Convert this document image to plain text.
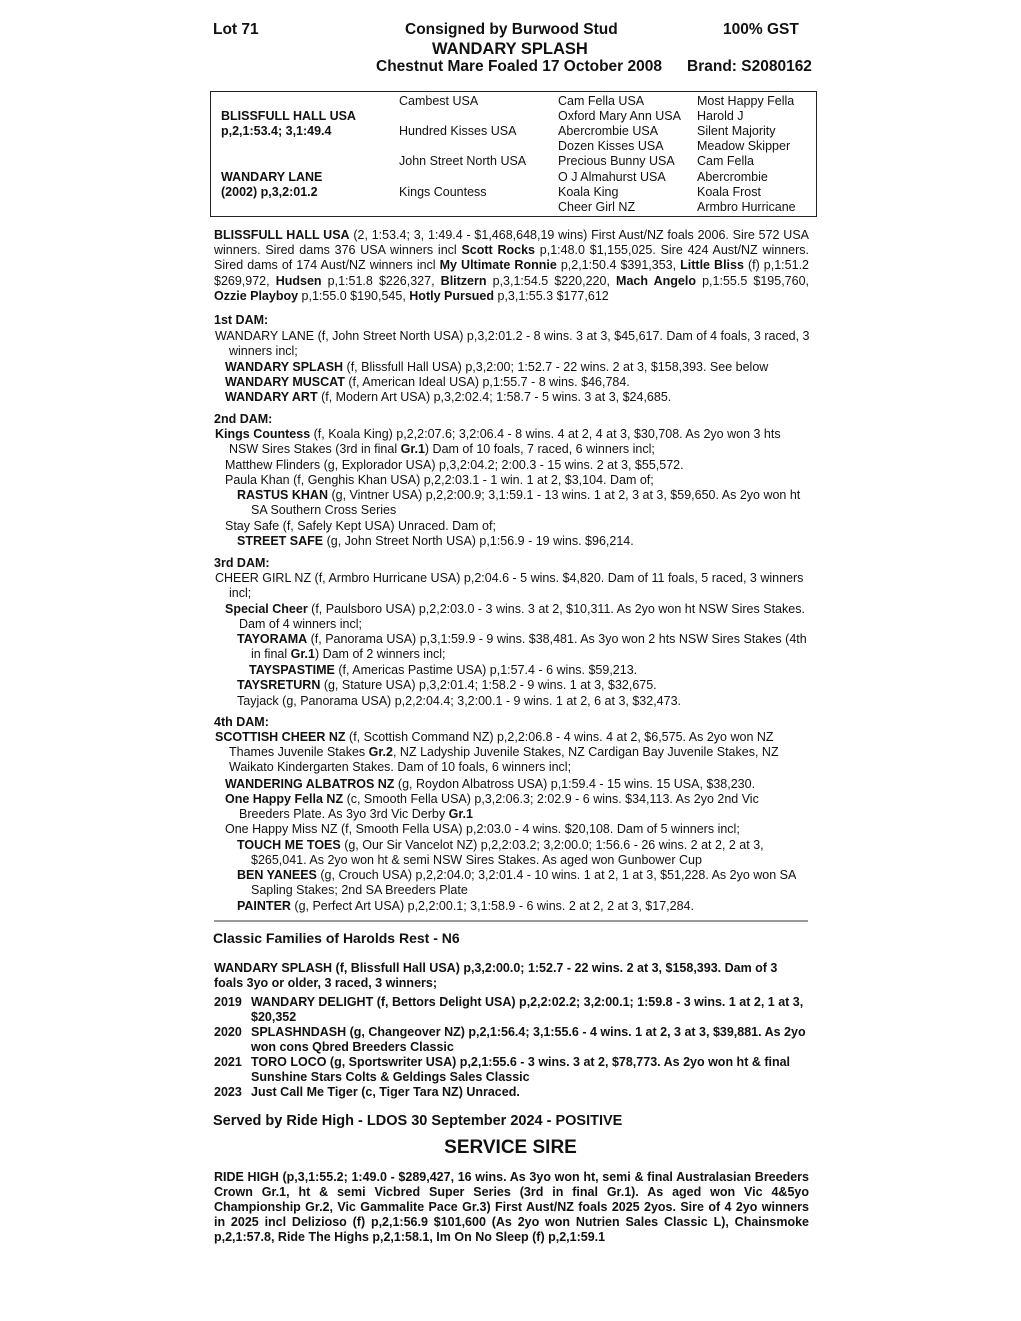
Lot 71	Consigned by Burwood Stud	100% GST
WANDARY SPLASH
Chestnut Mare Foaled 17 October 2008 Brand: S2080162
BLISSFULL HALL USA
p,2,1:53.4; 3,1:49.4
WANDARY LANE
(2002) p,3,2:01.2
Cambest USA
Hundred Kisses USA
John Street North USA
Kings Countess
Cam Fella USA
Oxford Mary Ann USA
Abercrombie USA
Dozen Kisses USA
Precious Bunny USA
O J Almahurst USA
Koala King
Cheer Girl NZ
Most Happy Fella
Harold J
Silent Majority
Meadow Skipper
Cam Fella
Abercrombie
Koala Frost
Armbro Hurricane
BLISSFULL HALL USA (2, 1:53.4; 3, 1:49.4 - $1,468,648,19 wins) First Aust/NZ foals 2006. Sire 572 USA winners. Sired dams 376 USA winners incl Scott Rocks p,1:48.0 $1,155,025. Sire 424 Aust/NZ winners. Sired dams of 174 Aust/NZ winners incl My Ultimate Ronnie p,2,1:50.4 $391,353, Little Bliss (f) p,1:51.2 $269,972, Hudsen p,1:51.8 $226,327, Blitzern p,3,1:54.5 $220,220, Mach Angelo p,1:55.5 $195,760, Ozzie Playboy p,1:55.0 $190,545, Hotly Pursued p,3,1:55.3 $177,612
1st DAM:
WANDARY LANE (f, John Street North USA) p,3,2:01.2 - 8 wins. 3 at 3, $45,617. Dam of 4 foals, 3 raced, 3 winners incl;
WANDARY SPLASH (f, Blissfull Hall USA) p,3,2:00; 1:52.7 - 22 wins. 2 at 3, $158,393. See below
WANDARY MUSCAT (f, American Ideal USA) p,1:55.7 - 8 wins. $46,784.
WANDARY ART (f, Modern Art USA) p,3,2:02.4; 1:58.7 - 5 wins. 3 at 3, $24,685.
2nd DAM:
Kings Countess (f, Koala King) p,2,2:07.6; 3,2:06.4 - 8 wins. 4 at 2, 4 at 3, $30,708. As 2yo won 3 hts NSW Sires Stakes (3rd in final Gr.1) Dam of 10 foals, 7 raced, 6 winners incl;
Matthew Flinders (g, Explorador USA) p,3,2:04.2; 2:00.3 - 15 wins. 2 at 3, $55,572.
Paula Khan (f, Genghis Khan USA) p,2,2:03.1 - 1 win. 1 at 2, $3,104. Dam of;
RASTUS KHAN (g, Vintner USA) p,2,2:00.9; 3,1:59.1 - 13 wins. 1 at 2, 3 at 3, $59,650. As 2yo won ht SA Southern Cross Series
Stay Safe (f, Safely Kept USA) Unraced. Dam of;
STREET SAFE (g, John Street North USA) p,1:56.9 - 19 wins. $96,214.
3rd DAM:
CHEER GIRL NZ (f, Armbro Hurricane USA) p,2:04.6 - 5 wins. $4,820. Dam of 11 foals, 5 raced, 3 winners incl;
Special Cheer (f, Paulsboro USA) p,2,2:03.0 - 3 wins. 3 at 2, $10,311. As 2yo won ht NSW Sires Stakes. Dam of 4 winners incl;
TAYORAMA (f, Panorama USA) p,3,1:59.9 - 9 wins. $38,481. As 3yo won 2 hts NSW Sires Stakes (4th in final Gr.1) Dam of 2 winners incl;
TAYSPASTIME (f, Americas Pastime USA) p,1:57.4 - 6 wins. $59,213.
TAYSRETURN (g, Stature USA) p,3,2:01.4; 1:58.2 - 9 wins. 1 at 3, $32,675.
Tayjack (g, Panorama USA) p,2,2:04.4; 3,2:00.1 - 9 wins. 1 at 2, 6 at 3, $32,473.
4th DAM:
SCOTTISH CHEER NZ (f, Scottish Command NZ) p,2,2:06.8 - 4 wins. 4 at 2, $6,575. As 2yo won NZ Thames Juvenile Stakes Gr.2, NZ Ladyship Juvenile Stakes, NZ Cardigan Bay Juvenile Stakes, NZ Waikato Kindergarten Stakes. Dam of 10 foals, 6 winners incl;
WANDERING ALBATROS NZ (g, Roydon Albatross USA) p,1:59.4 - 15 wins. 15 USA, $38,230.
One Happy Fella NZ (c, Smooth Fella USA) p,3,2:06.3; 2:02.9 - 6 wins. $34,113. As 2yo 2nd Vic Breeders Plate. As 3yo 3rd Vic Derby Gr.1
One Happy Miss NZ (f, Smooth Fella USA) p,2:03.0 - 4 wins. $20,108. Dam of 5 winners incl;
TOUCH ME TOES (g, Our Sir Vancelot NZ) p,2,2:03.2; 3,2:00.0; 1:56.6 - 26 wins. 2 at 2, 2 at 3, $265,041. As 2yo won ht & semi NSW Sires Stakes. As aged won Gunbower Cup
BEN YANEES (g, Crouch USA) p,2,2:04.0; 3,2:01.4 - 10 wins. 1 at 2, 1 at 3, $51,228. As 2yo won SA Sapling Stakes; 2nd SA Breeders Plate
PAINTER (g, Perfect Art USA) p,2,2:00.1; 3,1:58.9 - 6 wins. 2 at 2, 2 at 3, $17,284.
Classic Families of Harolds Rest - N6
WANDARY SPLASH (f, Blissfull Hall USA) p,3,2:00.0; 1:52.7 - 22 wins. 2 at 3, $158,393. Dam of 3 foals 3yo or older, 3 raced, 3 winners;
2019 WANDARY DELIGHT (f, Bettors Delight USA) p,2,2:02.2; 3,2:00.1; 1:59.8 - 3 wins. 1 at 2, 1 at 3, $20,352
2020 SPLASHNDASH (g, Changeover NZ) p,2,1:56.4; 3,1:55.6 - 4 wins. 1 at 2, 3 at 3, $39,881. As 2yo won cons Qbred Breeders Classic
2021 TORO LOCO (g, Sportswriter USA) p,2,1:55.6 - 3 wins. 3 at 2, $78,773. As 2yo won ht & final Sunshine Stars Colts & Geldings Sales Classic
2023 Just Call Me Tiger (c, Tiger Tara NZ) Unraced.
Served by Ride High - LDOS 30 September 2024 - POSITIVE
SERVICE SIRE
RIDE HIGH (p,3,1:55.2; 1:49.0 - $289,427, 16 wins. As 3yo won ht, semi & final Australasian Breeders Crown Gr.1, ht & semi Vicbred Super Series (3rd in final Gr.1). As aged won Vic 4&5yo Championship Gr.2, Vic Gammalite Pace Gr.3) First Aust/NZ foals 2025 2yos. Sire of 4 2yo winners in 2025 incl Delizioso (f) p,2,1:56.9 $101,600 (As 2yo won Nutrien Sales Classic L), Chainsmoke p,2,1:57.8, Ride The Highs p,2,1:58.1, Im On No Sleep (f) p,2,1:59.1
